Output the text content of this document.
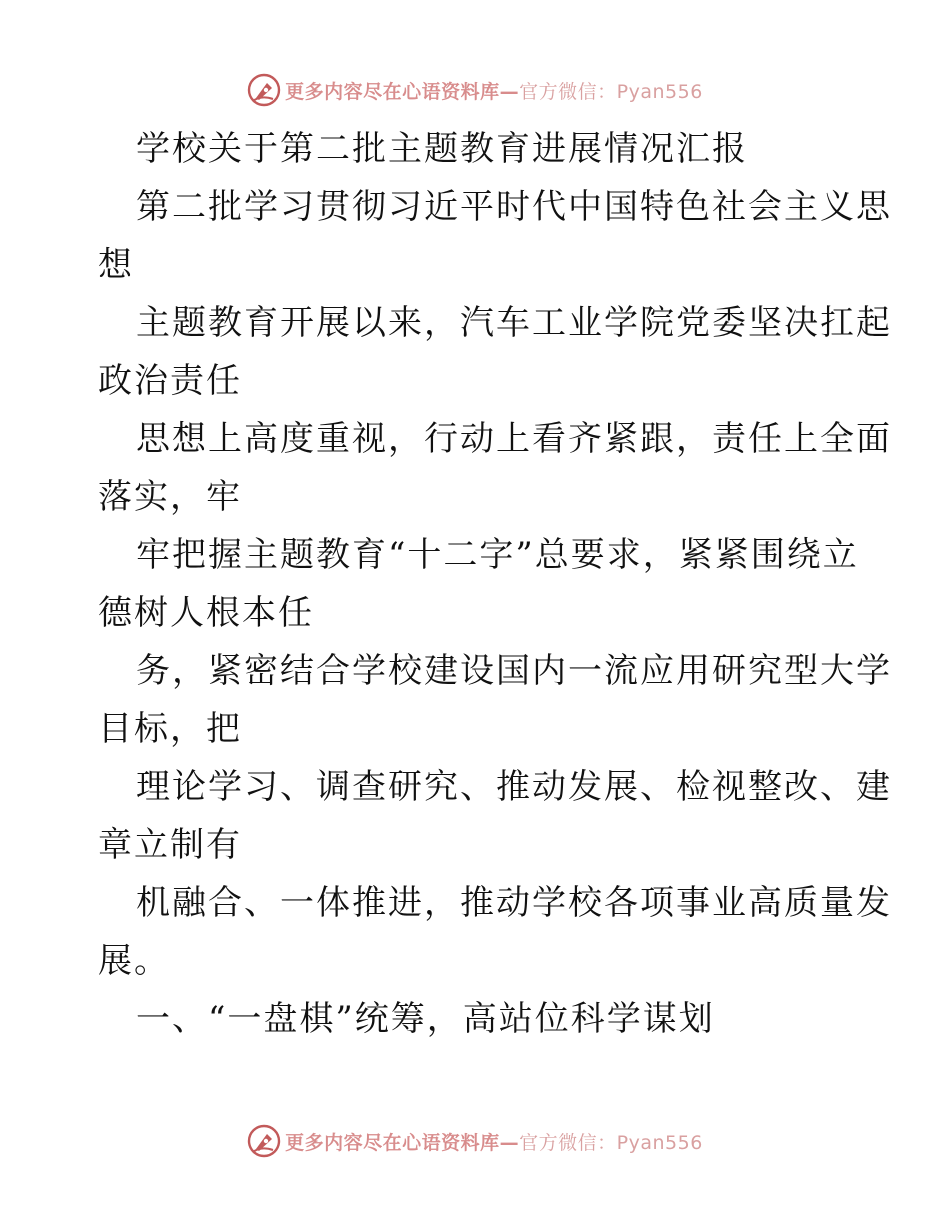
更多内容尽在心语资料库—官方微信：Pyan556
学校关于第二批主题教育进展情况汇报
第二批学习贯彻习近平时代中国特色社会主义思
想
主题教育开展以来，汽车工业学院党委坚决扛起
政治责任
思想上高度重视，行动上看齐紧跟，责任上全面
落实，牢
牢把握主题教育“十二字”总要求，紧紧围绕立
德树人根本任
务，紧密结合学校建设国内一流应用研究型大学
目标，把
理论学习、调查研究、推动发展、检视整改、建
章立制有
机融合、一体推进，推动学校各项事业高质量发
展。
一、“一盘棋”统筹，高站位科学谋划
更多内容尽在心语资料库—官方微信：Pyan556
